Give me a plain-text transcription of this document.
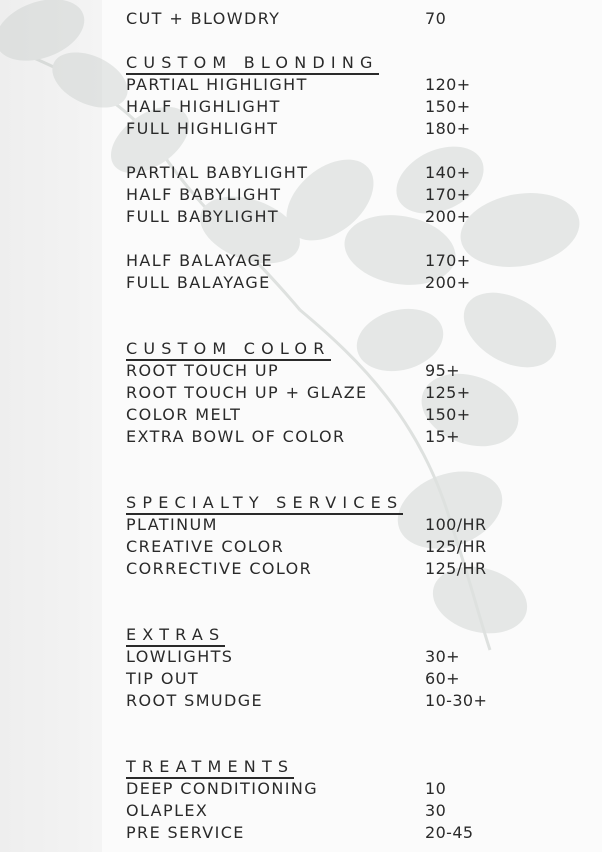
CUT + BLOWDRY	70
CUSTOM BLONDING
PARTIAL HIGHLIGHT	120+
HALF HIGHLIGHT	150+
FULL HIGHLIGHT	180+
PARTIAL BABYLIGHT	140+
HALF BABYLIGHT	170+
FULL BABYLIGHT	200+
HALF BALAYAGE	170+
FULL BALAYAGE	200+
CUSTOM COLOR
ROOT TOUCH UP	95+
ROOT TOUCH UP + GLAZE	125+
COLOR MELT	150+
EXTRA BOWL OF COLOR	15+
SPECIALTY SERVICES
PLATINUM	100/HR
CREATIVE COLOR	125/HR
CORRECTIVE COLOR	125/HR
EXTRAS
LOWLIGHTS	30+
TIP OUT	60+
ROOT SMUDGE	10-30+
TREATMENTS
DEEP CONDITIONING	10
OLAPLEX	30
PRE SERVICE	20-45
